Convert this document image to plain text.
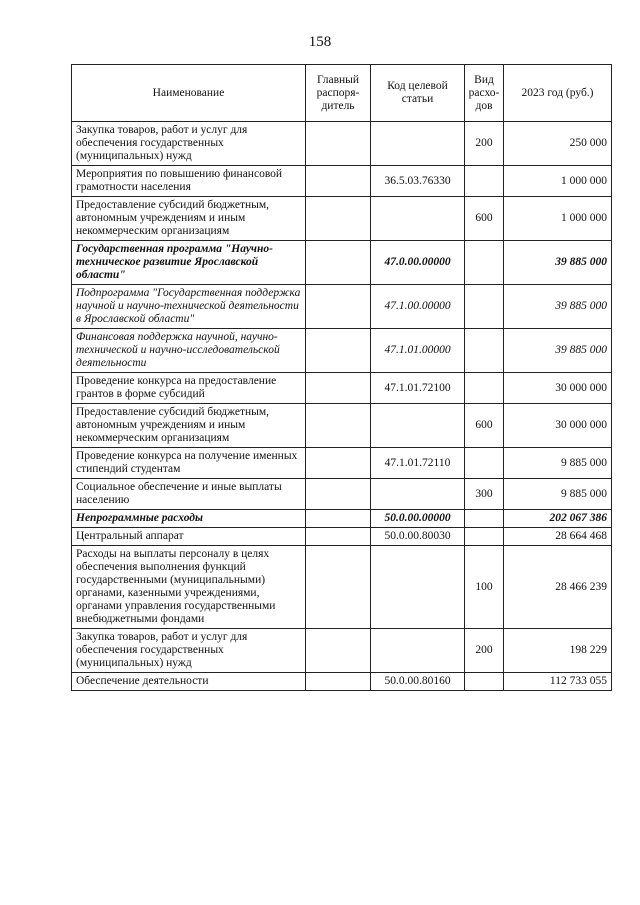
158
Наименование	Главный распоря-дитель	Код целевой статьи	Вид расхо-дов	2023 год (руб.)
Закупка товаров, работ и услуг для обеспечения государственных (муниципальных) нужд			200	250 000
Мероприятия по повышению финансовой грамотности населения		36.5.03.76330		1 000 000
Предоставление субсидий бюджетным, автономным учреждениям и иным некоммерческим организациям			600	1 000 000
Государственная программа "Научно-техническое развитие Ярославской области"		47.0.00.00000		39 885 000
Подпрограмма "Государственная поддержка научной и научно-технической деятельности в Ярославской области"		47.1.00.00000		39 885 000
Финансовая поддержка научной, научно-технической и научно-исследовательской деятельности		47.1.01.00000		39 885 000
Проведение конкурса на предоставление грантов в форме субсидий		47.1.01.72100		30 000 000
Предоставление субсидий бюджетным, автономным учреждениям и иным некоммерческим организациям			600	30 000 000
Проведение конкурса на получение именных стипендий студентам		47.1.01.72110		9 885 000
Социальное обеспечение и иные выплаты населению			300	9 885 000
Непрограммные расходы		50.0.00.00000		202 067 386
Центральный аппарат		50.0.00.80030		28 664 468
Расходы на выплаты персоналу в целях обеспечения выполнения функций государственными (муниципальными) органами, казенными учреждениями, органами управления государственными внебюджетными фондами			100	28 466 239
Закупка товаров, работ и услуг для обеспечения государственных (муниципальных) нужд			200	198 229
Обеспечение деятельности		50.0.00.80160		112 733 055
